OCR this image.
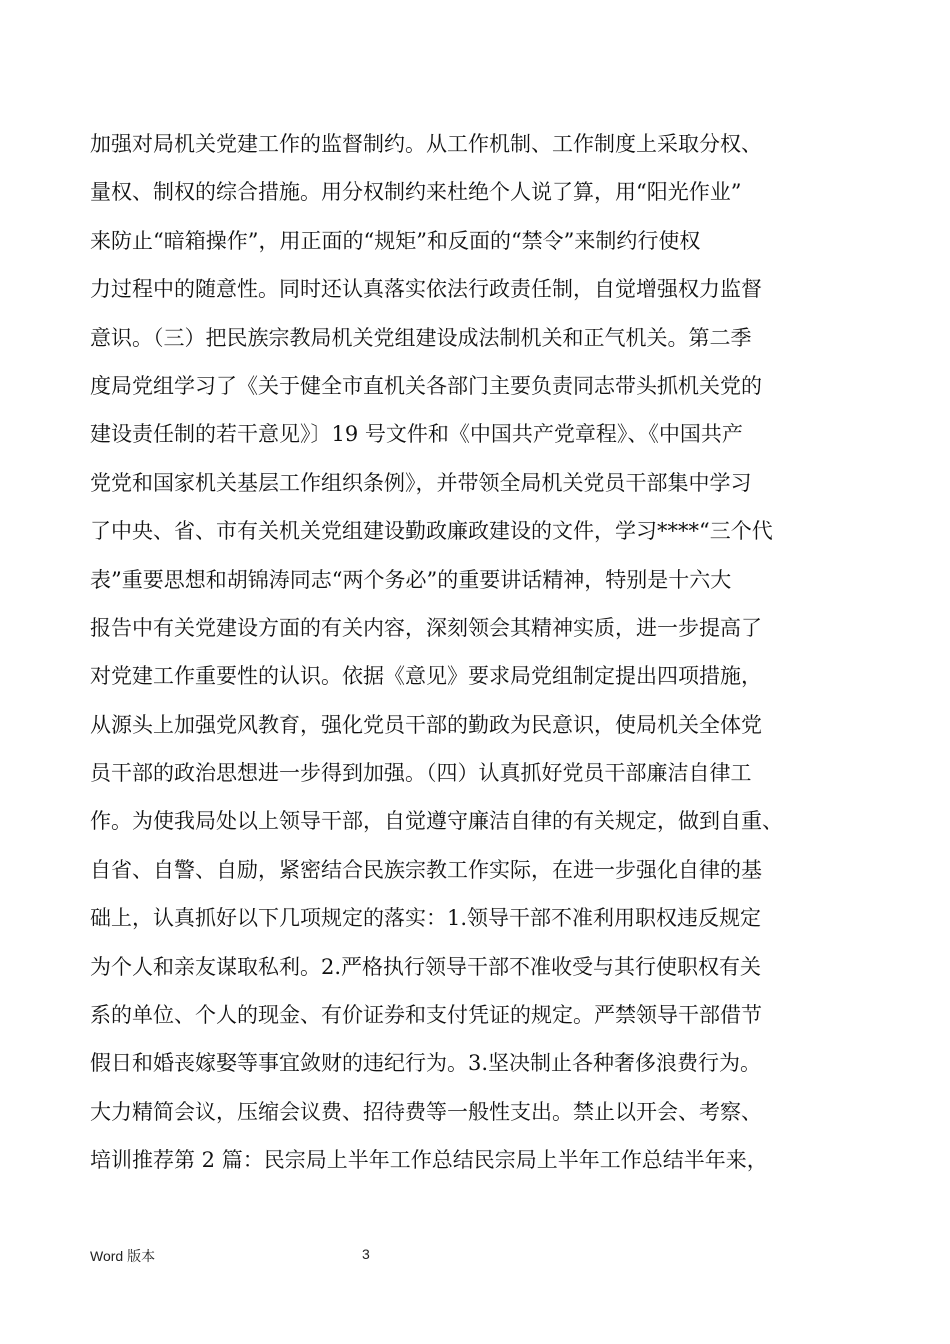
加强对局机关党建工作的监督制约。从工作机制、工作制度上采取分权、
量权、制权的综合措施。用分权制约来杜绝个人说了算，用“阳光作业”
来防止“暗箱操作”，用正面的“规矩”和反面的“禁令”来制约行使权
力过程中的随意性。同时还认真落实依法行政责任制，自觉增强权力监督
意识。（三）把民族宗教局机关党组建设成法制机关和正气机关。第二季
度局党组学习了《关于健全市直机关各部门主要负责同志带头抓机关党的
建设责任制的若干意见》〕19 号文件和《中国共产党章程》、《中国共产
党党和国家机关基层工作组织条例》，并带领全局机关党员干部集中学习
了中央、省、市有关机关党组建设勤政廉政建设的文件，学习****“三个代
表”重要思想和胡锦涛同志“两个务必”的重要讲话精神，特别是十六大
报告中有关党建设方面的有关内容，深刻领会其精神实质，进一步提高了
对党建工作重要性的认识。依据《意见》要求局党组制定提出四项措施，
从源头上加强党风教育，强化党员干部的勤政为民意识，使局机关全体党
员干部的政治思想进一步得到加强。（四）认真抓好党员干部廉洁自律工
作。为使我局处以上领导干部，自觉遵守廉洁自律的有关规定，做到自重、
自省、自警、自励，紧密结合民族宗教工作实际，在进一步强化自律的基
础上，认真抓好以下几项规定的落实：1.领导干部不准利用职权违反规定
为个人和亲友谋取私利。2.严格执行领导干部不准收受与其行使职权有关
系的单位、个人的现金、有价证券和支付凭证的规定。严禁领导干部借节
假日和婚丧嫁娶等事宜敛财的违纪行为。3.坚决制止各种奢侈浪费行为。
大力精简会议，压缩会议费、招待费等一般性支出。禁止以开会、考察、
培训推荐第 2 篇：民宗局上半年工作总结民宗局上半年工作总结半年来，
Word 版本	3
